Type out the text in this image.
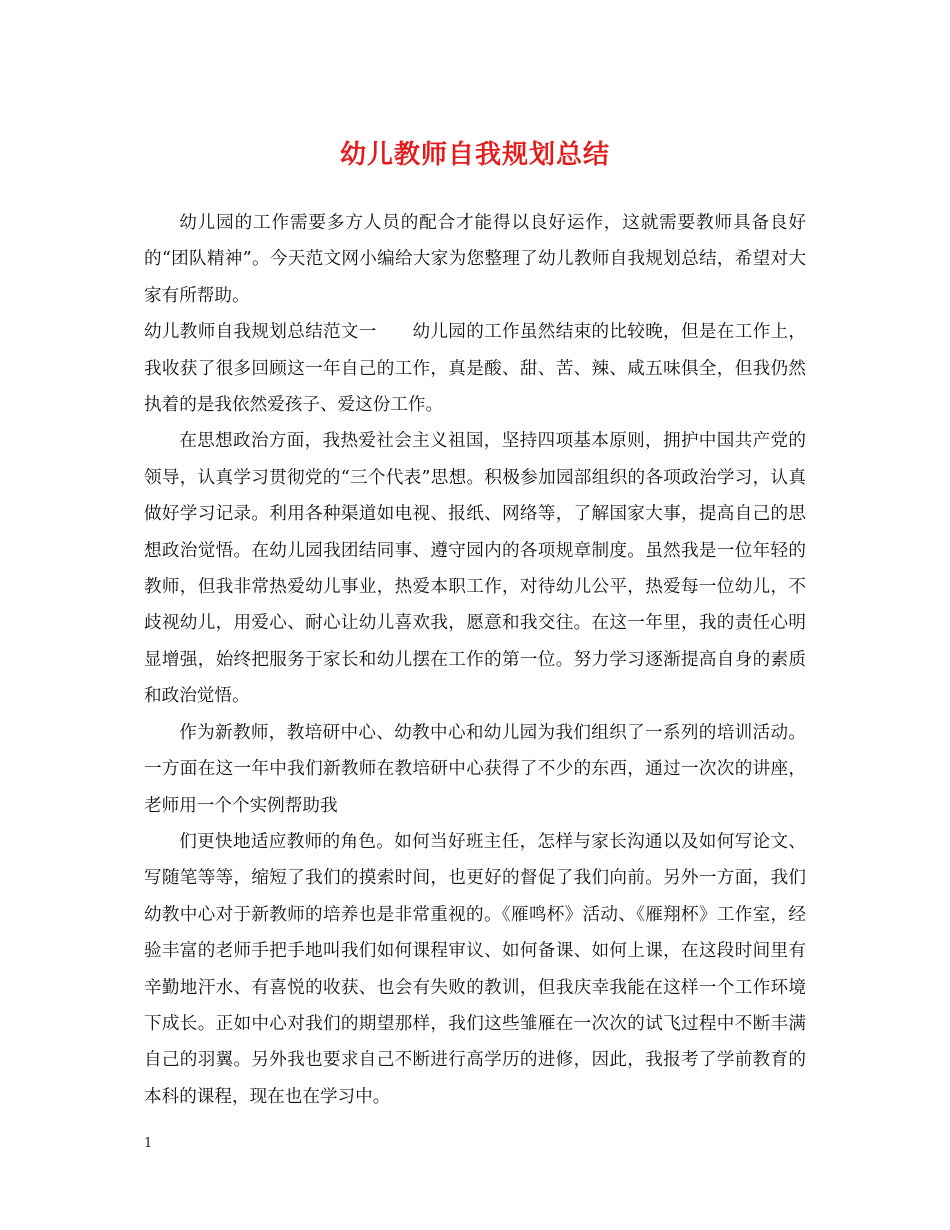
幼儿教师自我规划总结

幼儿园的工作需要多方人员的配合才能得以良好运作，这就需要教师具备良好的“团队精神”。今天范文网小编给大家为您整理了幼儿教师自我规划总结，希望对大家有所帮助。

幼儿教师自我规划总结范文一　　幼儿园的工作虽然结束的比较晚，但是在工作上，我收获了很多回顾这一年自己的工作，真是酸、甜、苦、辣、咸五味俱全，但我仍然执着的是我依然爱孩子、爱这份工作。

在思想政治方面，我热爱社会主义祖国，坚持四项基本原则，拥护中国共产党的领导，认真学习贯彻党的“三个代表”思想。积极参加园部组织的各项政治学习，认真做好学习记录。利用各种渠道如电视、报纸、网络等，了解国家大事，提高自己的思想政治觉悟。在幼儿园我团结同事、遵守园内的各项规章制度。虽然我是一位年轻的教师，但我非常热爱幼儿事业，热爱本职工作，对待幼儿公平，热爱每一位幼儿，不歧视幼儿，用爱心、耐心让幼儿喜欢我，愿意和我交往。在这一年里，我的责任心明显增强，始终把服务于家长和幼儿摆在工作的第一位。努力学习逐渐提高自身的素质和政治觉悟。

作为新教师，教培研中心、幼教中心和幼儿园为我们组织了一系列的培训活动。一方面在这一年中我们新教师在教培研中心获得了不少的东西，通过一次次的讲座，老师用一个个实例帮助我

们更快地适应教师的角色。如何当好班主任，怎样与家长沟通以及如何写论文、写随笔等等，缩短了我们的摸索时间，也更好的督促了我们向前。另外一方面，我们幼教中心对于新教师的培养也是非常重视的。《雁鸣杯》活动、《雁翔杯》工作室，经验丰富的老师手把手地叫我们如何课程审议、如何备课、如何上课，在这段时间里有辛勤地汗水、有喜悦的收获、也会有失败的教训，但我庆幸我能在这样一个工作环境下成长。正如中心对我们的期望那样，我们这些雏雁在一次次的试飞过程中不断丰满自己的羽翼。另外我也要求自己不断进行高学历的进修，因此，我报考了学前教育的本科的课程，现在也在学习中。

1
